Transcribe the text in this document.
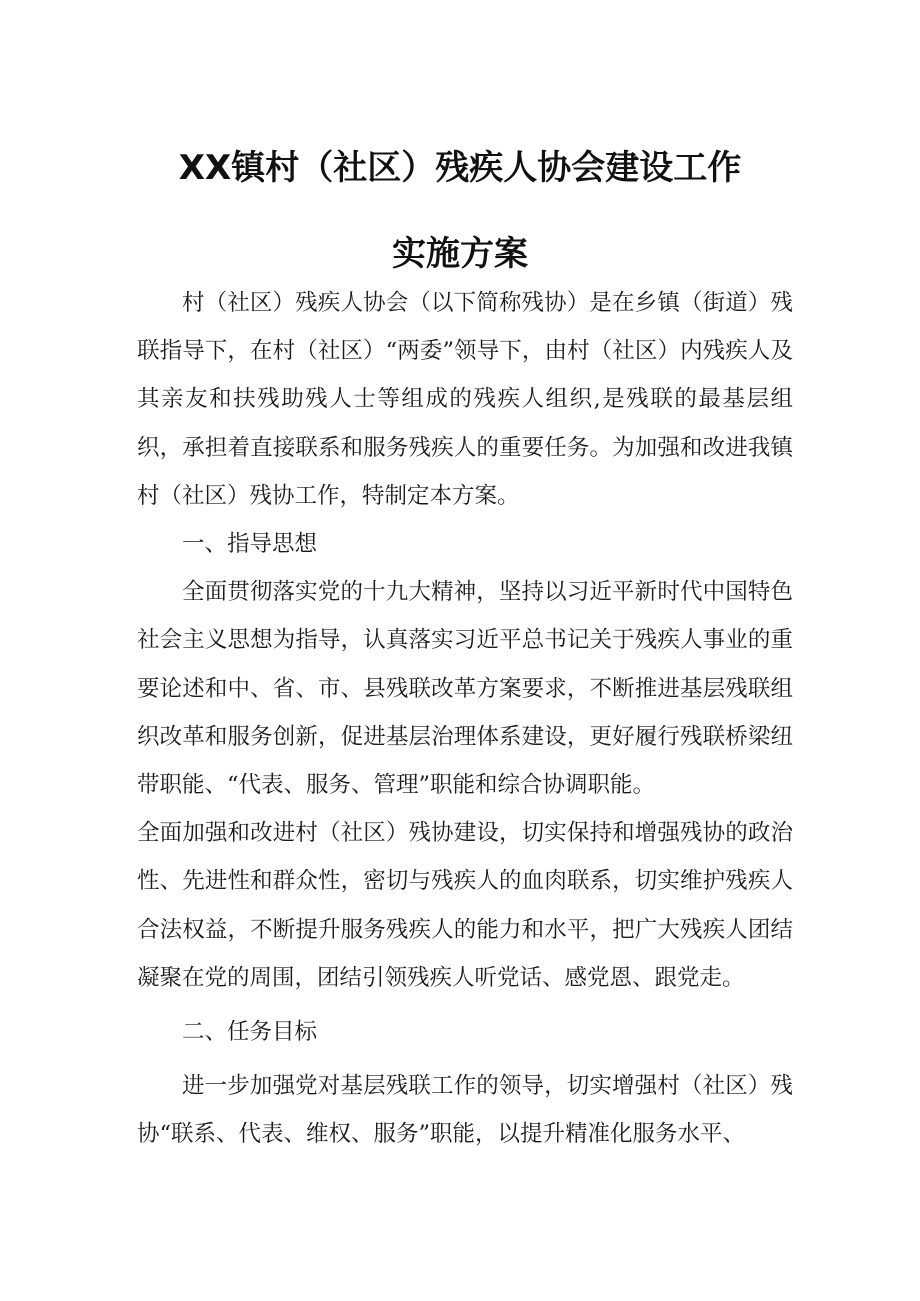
XX镇村（社区）残疾人协会建设工作
实施方案

村（社区）残疾人协会（以下简称残协）是在乡镇（街道）残联指导下，在村（社区）“两委”领导下，由村（社区）内残疾人及其亲友和扶残助残人士等组成的残疾人组织,是残联的最基层组织，承担着直接联系和服务残疾人的重要任务。为加强和改进我镇村（社区）残协工作，特制定本方案。

一、指导思想

全面贯彻落实党的十九大精神，坚持以习近平新时代中国特色社会主义思想为指导，认真落实习近平总书记关于残疾人事业的重要论述和中、省、市、县残联改革方案要求，不断推进基层残联组织改革和服务创新，促进基层治理体系建设，更好履行残联桥梁纽带职能、“代表、服务、管理”职能和综合协调职能。

全面加强和改进村（社区）残协建设，切实保持和增强残协的政治性、先进性和群众性，密切与残疾人的血肉联系，切实维护残疾人合法权益，不断提升服务残疾人的能力和水平，把广大残疾人团结凝聚在党的周围，团结引领残疾人听党话、感党恩、跟党走。

二、任务目标

进一步加强党对基层残联工作的领导，切实增强村（社区）残协“联系、代表、维权、服务”职能，以提升精准化服务水平、
